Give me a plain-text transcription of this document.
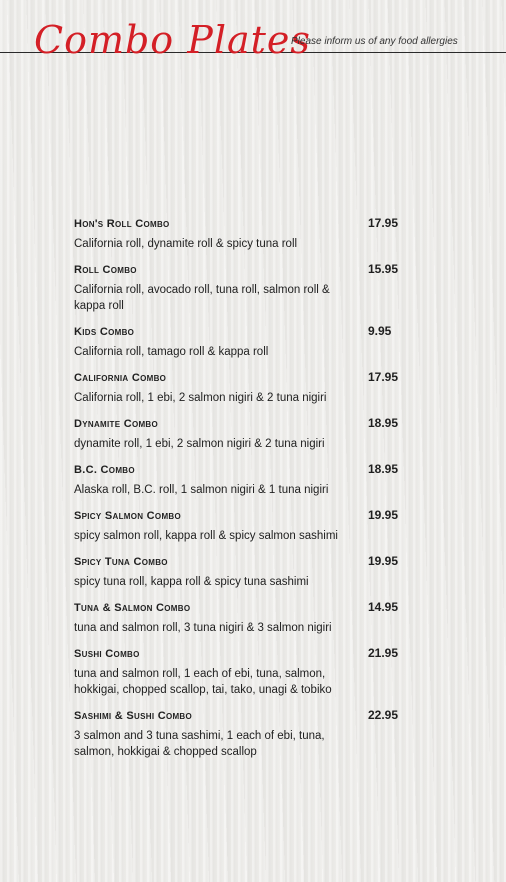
Combo Plates
Please inform us of any food allergies
Hon's Roll Combo	17.95
California roll, dynamite roll & spicy tuna roll
Roll Combo	15.95
California roll, avocado roll, tuna roll, salmon roll & kappa roll
Kids Combo	9.95
California roll, tamago roll & kappa roll
California Combo	17.95
California roll, 1 ebi, 2 salmon nigiri & 2 tuna nigiri
Dynamite Combo	18.95
dynamite roll, 1 ebi, 2 salmon nigiri & 2 tuna nigiri
B.C. Combo	18.95
Alaska roll, B.C. roll, 1 salmon nigiri & 1 tuna nigiri
Spicy Salmon Combo	19.95
spicy salmon roll, kappa roll & spicy salmon sashimi
Spicy Tuna Combo	19.95
spicy tuna roll, kappa roll & spicy tuna sashimi
Tuna & Salmon Combo	14.95
tuna and salmon roll, 3 tuna nigiri & 3 salmon nigiri
Sushi Combo	21.95
tuna and salmon roll, 1 each of ebi, tuna, salmon, hokkigai, chopped scallop, tai, tako, unagi & tobiko
Sashimi & Sushi Combo	22.95
3 salmon and 3 tuna sashimi, 1 each of ebi, tuna, salmon, hokkigai & chopped scallop
